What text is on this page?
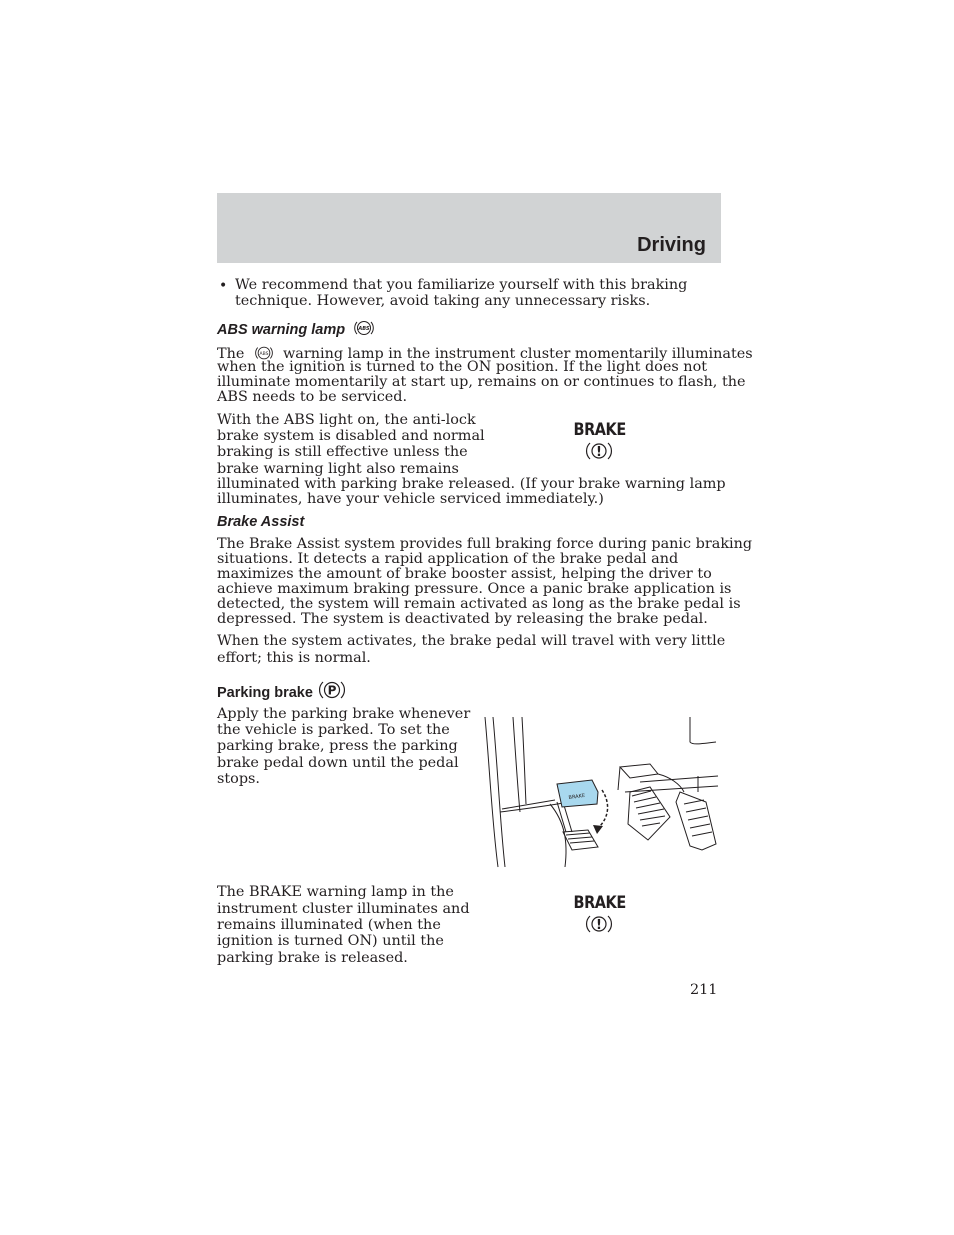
Driving
• We recommend that you familiarize yourself with this braking

technique. However, avoid taking any unnecessary risks.

ABS warning lamp	ABS

The	ABS warning lamp in the instrument cluster momentarily illuminates

when the ignition is turned to the ON position. If the light does not

illuminate momentarily at start up, remains on or continues to flash, the

ABS needs to be serviced.

With the ABS light on, the anti-lock

brake system is disabled and normal

braking is still effective unless the

brake warning light also remains

illuminated with parking brake released. (If your brake warning lamp

illuminates, have your vehicle serviced immediately.)

BRAKE
!
Brake Assist

The Brake Assist system provides full braking force during panic braking

situations. It detects a rapid application of the brake pedal and

maximizes the amount of brake booster assist, helping the driver to

achieve maximum braking pressure. Once a panic brake application is

detected, the system will remain activated as long as the brake pedal is

depressed. The system is deactivated by releasing the brake pedal.

When the system activates, the brake pedal will travel with very little

effort; this is normal.

Parking brake P

Apply the parking brake whenever

the vehicle is parked. To set the

parking brake, press the parking

brake pedal down until the pedal

stops.

BRAKE

The BRAKE warning lamp in the

instrument cluster illuminates and

remains illuminated (when the

ignition is turned ON) until the

parking brake is released.

BRAKE
!
211
